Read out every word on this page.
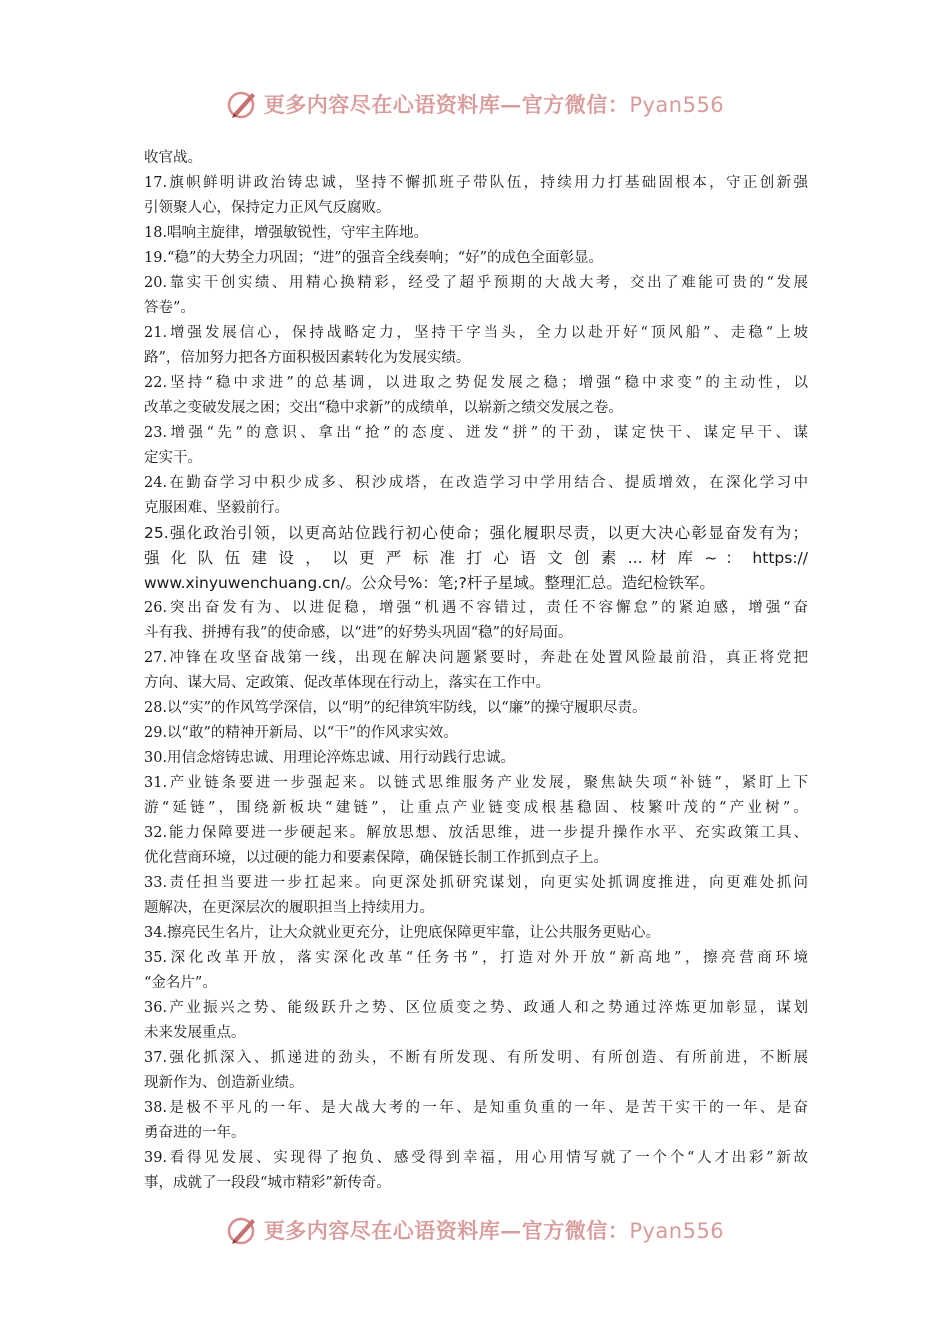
更多内容尽在心语资料库—官方微信：Pyan556
收官战。
17.旗帜鲜明讲政治铸忠诚，坚持不懈抓班子带队伍，持续用力打基础固根本，守正创新强
引领聚人心，保持定力正风气反腐败。
18.唱响主旋律，增强敏锐性，守牢主阵地。
19.“稳”的大势全力巩固；“进”的强音全线奏响；“好”的成色全面彰显。
20.靠实干创实绩、用精心换精彩，经受了超乎预期的大战大考，交出了难能可贵的“发展
答卷”。
21.增强发展信心，保持战略定力，坚持干字当头，全力以赴开好“顶风船”、走稳“上坡
路”，倍加努力把各方面积极因素转化为发展实绩。
22.坚持“稳中求进”的总基调，以进取之势促发展之稳；增强“稳中求变”的主动性，以
改革之变破发展之困；交出“稳中求新”的成绩单，以崭新之绩交发展之卷。
23.增强“先”的意识、拿出“抢”的态度、迸发“拼”的干劲，谋定快干、谋定早干、谋
定实干。
24.在勤奋学习中积少成多、积沙成塔，在改造学习中学用结合、提质增效，在深化学习中
克服困难、坚毅前行。
25.强化政治引领，以更高站位践行初心使命；强化履职尽责，以更大决心彰显奋发有为；
强 化 队 伍 建 设 ， 以 更 严 标 准 打 心 语 文 创 素 ... 材 库 ~ ： https://
www.xinyuwenchuang.cn/。公众号%：笔;?杆子星域。整理汇总。造纪检铁军。
26.突出奋发有为、以进促稳，增强“机遇不容错过，责任不容懈怠”的紧迫感，增强“奋
斗有我、拼搏有我”的使命感，以“进”的好势头巩固“稳”的好局面。
27.冲锋在攻坚奋战第一线，出现在解决问题紧要时，奔赴在处置风险最前沿，真正将党把
方向、谋大局、定政策、促改革体现在行动上，落实在工作中。
28.以“实”的作风笃学深信，以“明”的纪律筑牢防线，以“廉”的操守履职尽责。
29.以“敢”的精神开新局、以“干”的作风求实效。
30.用信念熔铸忠诚、用理论淬炼忠诚、用行动践行忠诚。
31.产业链条要进一步强起来。以链式思维服务产业发展，聚焦缺失项“补链”，紧盯上下
游“延链”，围绕新板块“建链”，让重点产业链变成根基稳固、枝繁叶茂的“产业树”。
32.能力保障要进一步硬起来。解放思想、放活思维，进一步提升操作水平、充实政策工具、
优化营商环境，以过硬的能力和要素保障，确保链长制工作抓到点子上。
33.责任担当要进一步扛起来。向更深处抓研究谋划，向更实处抓调度推进，向更难处抓问
题解决，在更深层次的履职担当上持续用力。
34.擦亮民生名片，让大众就业更充分，让兜底保障更牢靠，让公共服务更贴心。
35.深化改革开放，落实深化改革“任务书”，打造对外开放“新高地”，擦亮营商环境
“金名片”。
36.产业振兴之势、能级跃升之势、区位质变之势、政通人和之势通过淬炼更加彰显，谋划
未来发展重点。
37.强化抓深入、抓递进的劲头，不断有所发现、有所发明、有所创造、有所前进，不断展
现新作为、创造新业绩。
38.是极不平凡的一年、是大战大考的一年、是知重负重的一年、是苦干实干的一年、是奋
勇奋进的一年。
39.看得见发展、实现得了抱负、感受得到幸福，用心用情写就了一个个“人才出彩”新故
事，成就了一段段“城市精彩”新传奇。
更多内容尽在心语资料库—官方微信：Pyan556
